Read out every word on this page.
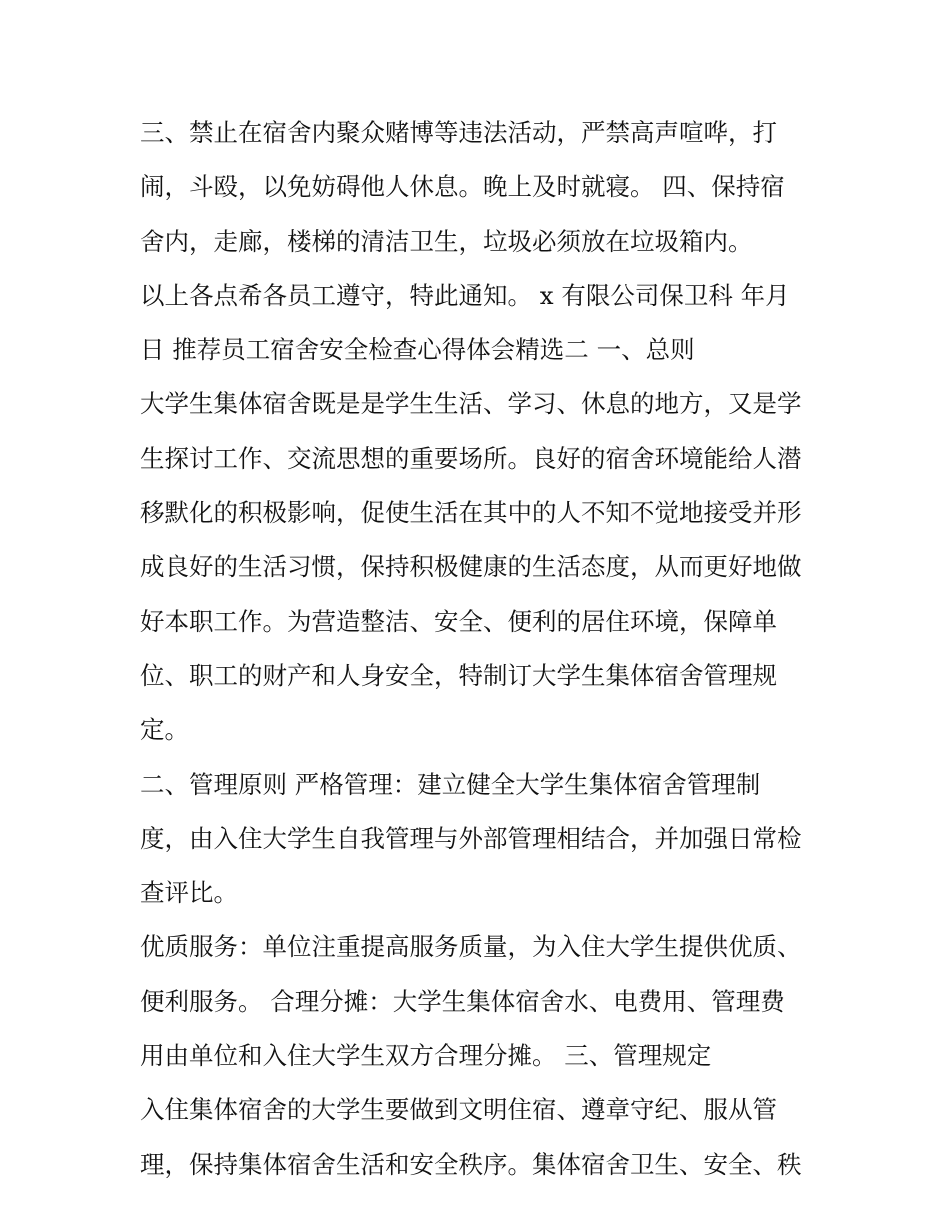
三、禁止在宿舍内聚众赌博等违法活动，严禁高声喧哗，打
闹，斗殴，以免妨碍他人休息。晚上及时就寝。 四、保持宿
舍内，走廊，楼梯的清洁卫生，垃圾必须放在垃圾箱内。
以上各点希各员工遵守，特此通知。 x 有限公司保卫科 年月
日 推荐员工宿舍安全检查心得体会精选二 一、总则
大学生集体宿舍既是是学生生活、学习、休息的地方，又是学
生探讨工作、交流思想的重要场所。良好的宿舍环境能给人潜
移默化的积极影响，促使生活在其中的人不知不觉地接受并形
成良好的生活习惯，保持积极健康的生活态度，从而更好地做
好本职工作。为营造整洁、安全、便利的居住环境，保障单
位、职工的财产和人身安全，特制订大学生集体宿舍管理规
定。
二、管理原则 严格管理：建立健全大学生集体宿舍管理制
度，由入住大学生自我管理与外部管理相结合，并加强日常检
查评比。
优质服务：单位注重提高服务质量，为入住大学生提供优质、
便利服务。 合理分摊：大学生集体宿舍水、电费用、管理费
用由单位和入住大学生双方合理分摊。 三、管理规定
入住集体宿舍的大学生要做到文明住宿、遵章守纪、服从管
理，保持集体宿舍生活和安全秩序。集体宿舍卫生、安全、秩
